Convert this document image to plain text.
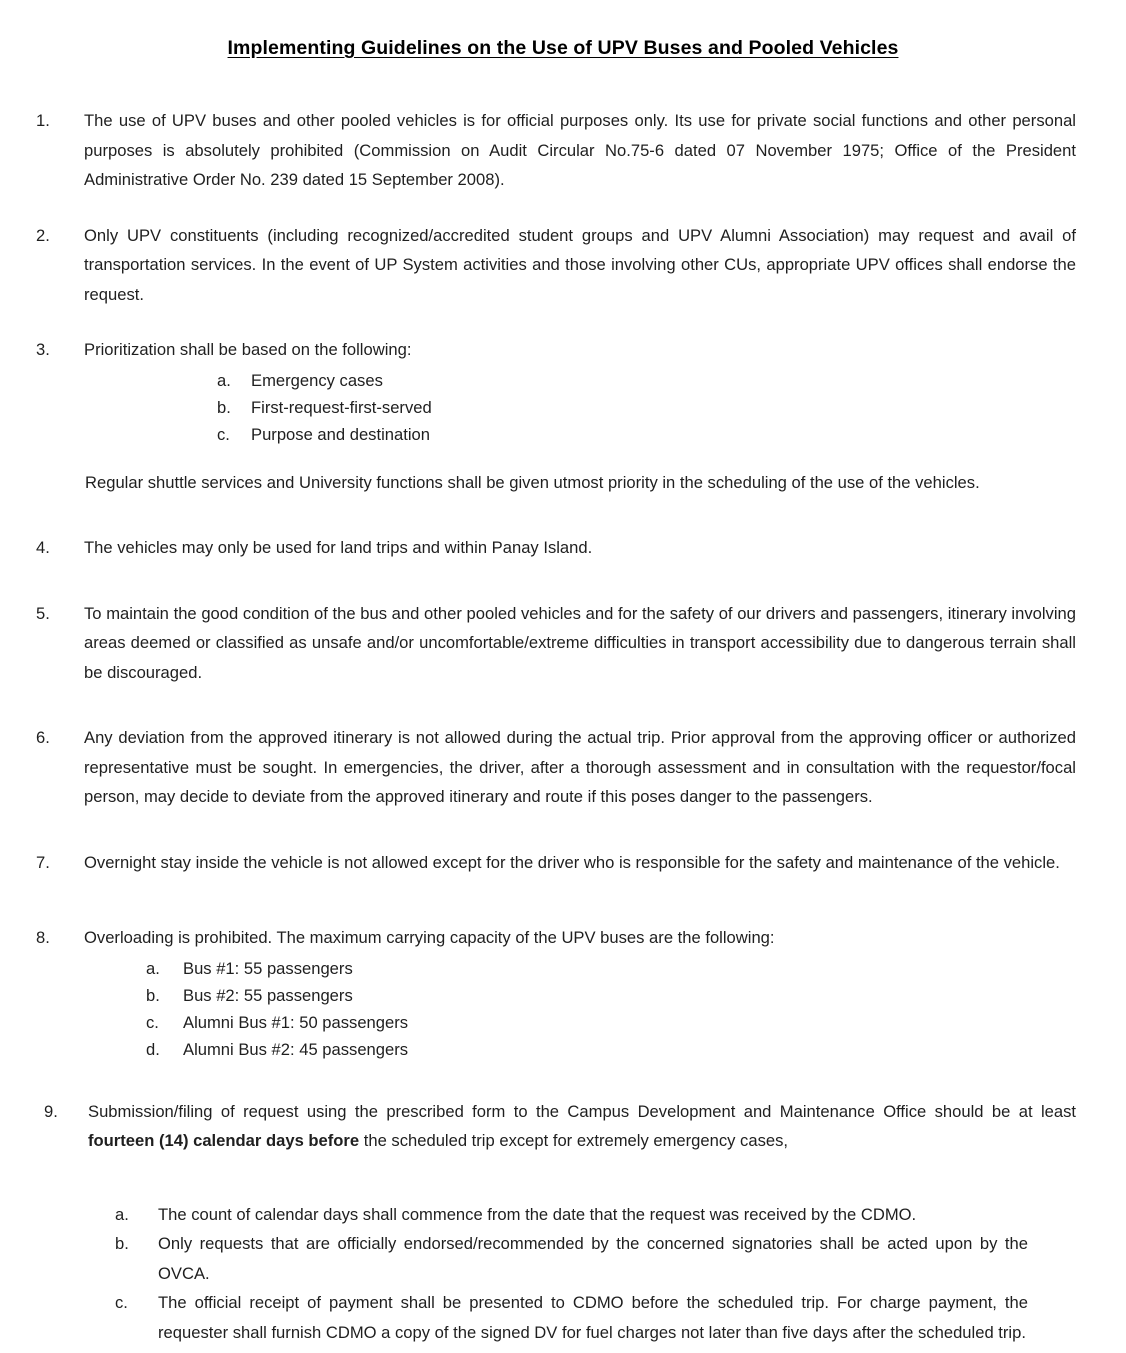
Implementing Guidelines on the Use of UPV Buses and Pooled Vehicles
1.	The use of UPV buses and other pooled vehicles is for official purposes only. Its use for private social functions and other personal purposes is absolutely prohibited (Commission on Audit Circular No.75-6 dated 07 November 1975; Office of the President Administrative Order No. 239 dated 15 September 2008).
2.	Only UPV constituents (including recognized/accredited student groups and UPV Alumni Association) may request and avail of transportation services. In the event of UP System activities and those involving other CUs, appropriate UPV offices shall endorse the request.
3.	Prioritization shall be based on the following:
a.	Emergency cases
b.	First-request-first-served
c.	Purpose and destination
Regular shuttle services and University functions shall be given utmost priority in the scheduling of the use of the vehicles.
4.	The vehicles may only be used for land trips and within Panay Island.
5.	To maintain the good condition of the bus and other pooled vehicles and for the safety of our drivers and passengers, itinerary involving areas deemed or classified as unsafe and/or uncomfortable/extreme difficulties in transport accessibility due to dangerous terrain shall be discouraged.
6.	Any deviation from the approved itinerary is not allowed during the actual trip. Prior approval from the approving officer or authorized representative must be sought. In emergencies, the driver, after a thorough assessment and in consultation with the requestor/focal person, may decide to deviate from the approved itinerary and route if this poses danger to the passengers.
7.	Overnight stay inside the vehicle is not allowed except for the driver who is responsible for the safety and maintenance of the vehicle.
8.	Overloading is prohibited. The maximum carrying capacity of the UPV buses are the following:
a.	Bus #1: 55 passengers
b.	Bus #2: 55 passengers
c.	Alumni Bus #1: 50 passengers
d.	Alumni Bus #2: 45 passengers
9.	Submission/filing of request using the prescribed form to the Campus Development and Maintenance Office should be at least fourteen (14) calendar days before the scheduled trip except for extremely emergency cases,
a.	The count of calendar days shall commence from the date that the request was received by the CDMO.
b.	Only requests that are officially endorsed/recommended by the concerned signatories shall be acted upon by the OVCA.
c.	The official receipt of payment shall be presented to CDMO before the scheduled trip. For charge payment, the requester shall furnish CDMO a copy of the signed DV for fuel charges not later than five days after the scheduled trip.
